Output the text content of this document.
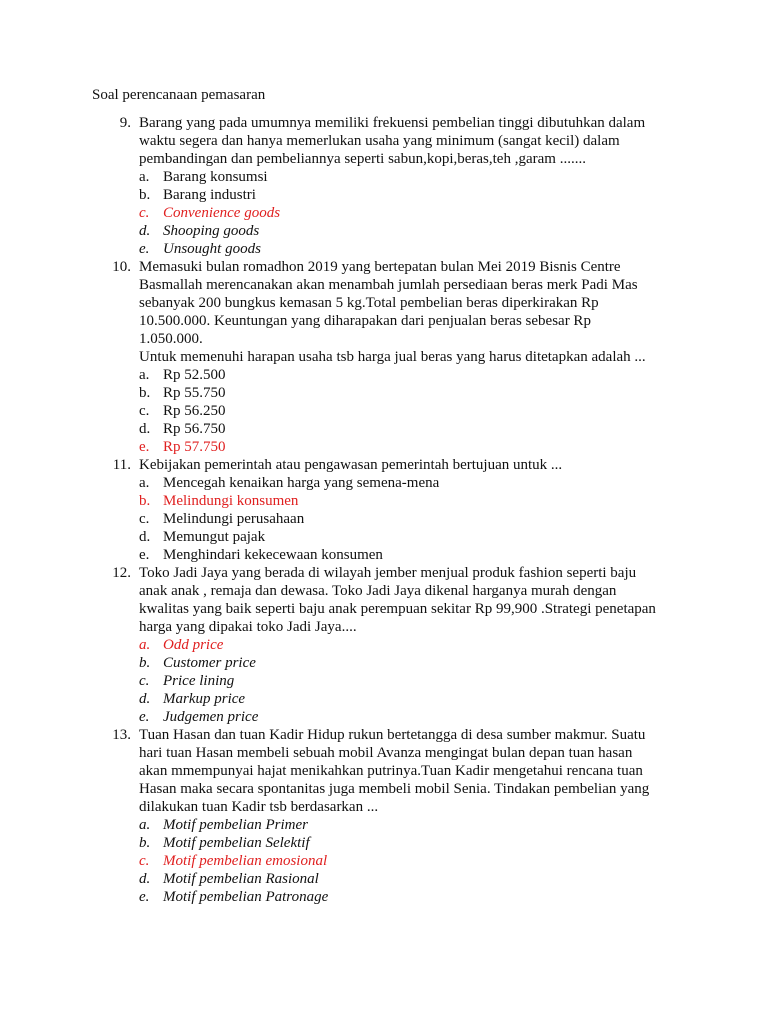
Soal perencanaan pemasaran
9. Barang yang pada umumnya memiliki frekuensi pembelian tinggi dibutuhkan dalam
waktu segera dan hanya memerlukan usaha yang minimum (sangat kecil) dalam
pembandingan dan pembeliannya seperti sabun,kopi,beras,teh ,garam .......
a. Barang konsumsi
b. Barang industri
c. Convenience goods
d. Shooping goods
e. Unsought goods
10. Memasuki bulan romadhon 2019 yang bertepatan bulan Mei 2019 Bisnis Centre
Basmallah merencanakan akan menambah jumlah persediaan beras merk Padi Mas
sebanyak 200 bungkus kemasan 5 kg.Total pembelian beras diperkirakan Rp
10.500.000. Keuntungan yang diharapakan dari penjualan beras sebesar Rp
1.050.000.
Untuk memenuhi harapan usaha tsb harga jual beras yang harus ditetapkan adalah ...
a. Rp 52.500
b. Rp 55.750
c. Rp 56.250
d. Rp 56.750
e. Rp 57.750
11. Kebijakan pemerintah atau pengawasan pemerintah bertujuan untuk ...
a. Mencegah kenaikan harga yang semena-mena
b. Melindungi konsumen
c. Melindungi perusahaan
d. Memungut pajak
e. Menghindari kekecewaan konsumen
12. Toko Jadi Jaya yang berada di wilayah jember menjual produk fashion seperti baju
anak anak , remaja dan dewasa. Toko Jadi Jaya dikenal harganya murah dengan
kwalitas yang baik seperti baju anak perempuan sekitar Rp 99,900 .Strategi penetapan
harga yang dipakai toko Jadi Jaya....
a. Odd price
b. Customer price
c. Price lining
d. Markup price
e. Judgemen price
13. Tuan Hasan dan tuan Kadir Hidup rukun bertetangga di desa sumber makmur. Suatu
hari tuan Hasan membeli sebuah mobil Avanza mengingat bulan depan tuan hasan
akan mmempunyai hajat menikahkan putrinya.Tuan Kadir mengetahui rencana tuan
Hasan maka secara spontanitas juga membeli mobil Senia. Tindakan pembelian yang
dilakukan tuan Kadir tsb berdasarkan ...
a. Motif pembelian Primer
b. Motif pembelian Selektif
c. Motif pembelian emosional
d. Motif pembelian Rasional
e. Motif pembelian Patronage
